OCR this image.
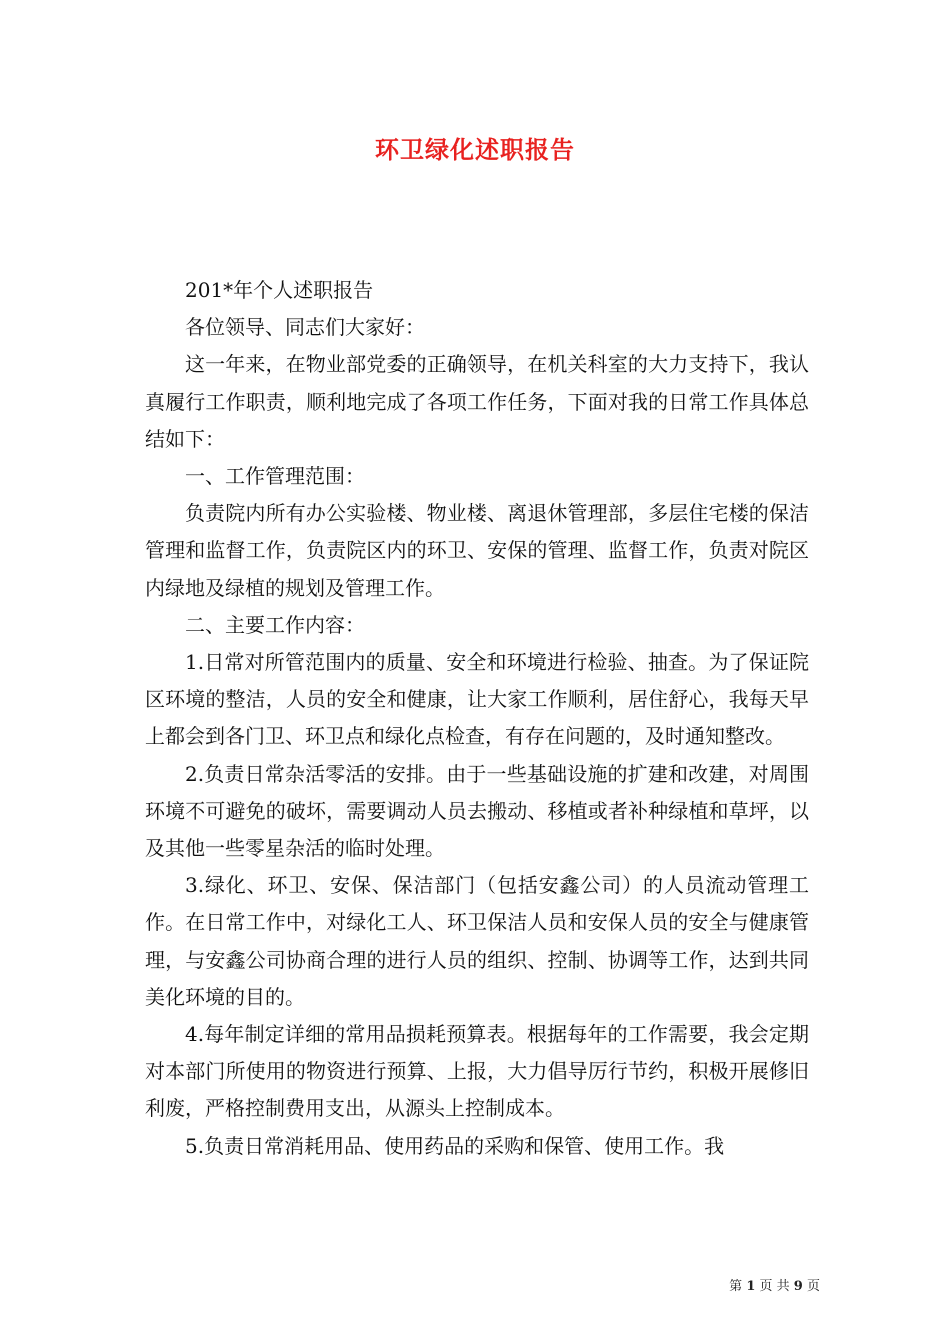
环卫绿化述职报告

201*年个人述职报告

各位领导、同志们大家好：

这一年来，在物业部党委的正确领导，在机关科室的大力支持下，我认真履行工作职责，顺利地完成了各项工作任务，下面对我的日常工作具体总结如下：

一、工作管理范围：

负责院内所有办公实验楼、物业楼、离退休管理部，多层住宅楼的保洁管理和监督工作，负责院区内的环卫、安保的管理、监督工作，负责对院区内绿地及绿植的规划及管理工作。

二、主要工作内容：

1.日常对所管范围内的质量、安全和环境进行检验、抽查。为了保证院区环境的整洁，人员的安全和健康，让大家工作顺利，居住舒心，我每天早上都会到各门卫、环卫点和绿化点检查，有存在问题的，及时通知整改。

2.负责日常杂活零活的安排。由于一些基础设施的扩建和改建，对周围环境不可避免的破坏，需要调动人员去搬动、移植或者补种绿植和草坪，以及其他一些零星杂活的临时处理。

3.绿化、环卫、安保、保洁部门（包括安鑫公司）的人员流动管理工作。在日常工作中，对绿化工人、环卫保洁人员和安保人员的安全与健康管理，与安鑫公司协商合理的进行人员的组织、控制、协调等工作，达到共同美化环境的目的。

4.每年制定详细的常用品损耗预算表。根据每年的工作需要，我会定期对本部门所使用的物资进行预算、上报，大力倡导厉行节约，积极开展修旧利废，严格控制费用支出，从源头上控制成本。

5.负责日常消耗用品、使用药品的采购和保管、使用工作。我

第 1 页 共 9 页
